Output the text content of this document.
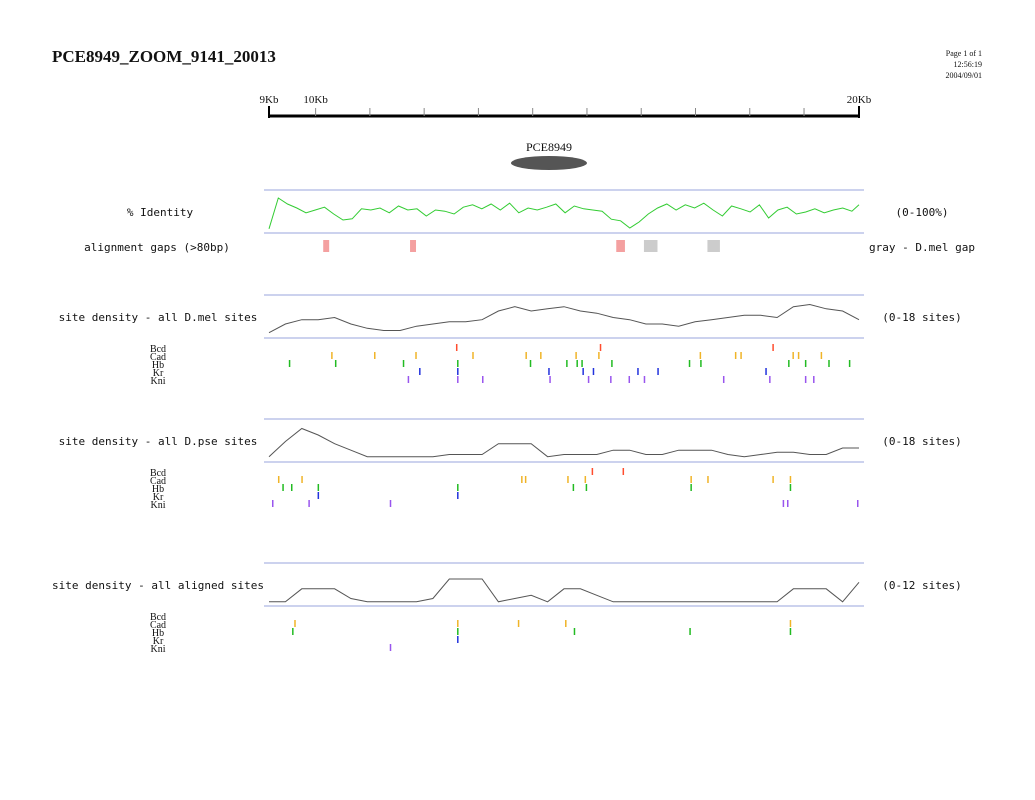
PCE8949_ZOOM_9141_20013	Page 1 of 1
12:56:19
2004/09/01
9Kb 10Kb	20Kb
PCE8949
% Identity	(0-100%)
alignment gaps (>80bp)	gray - D.mel gap
site density - all D.mel sites	(0-18 sites)
Bcd
Cad
Hb
Kr
Kni
site density - all D.pse sites	(0-18 sites)
Bcd
Cad
Hb
Kr
Kni
site density - all aligned sites	(0-12 sites)
Bcd
Cad
Hb
Kr
Kni
